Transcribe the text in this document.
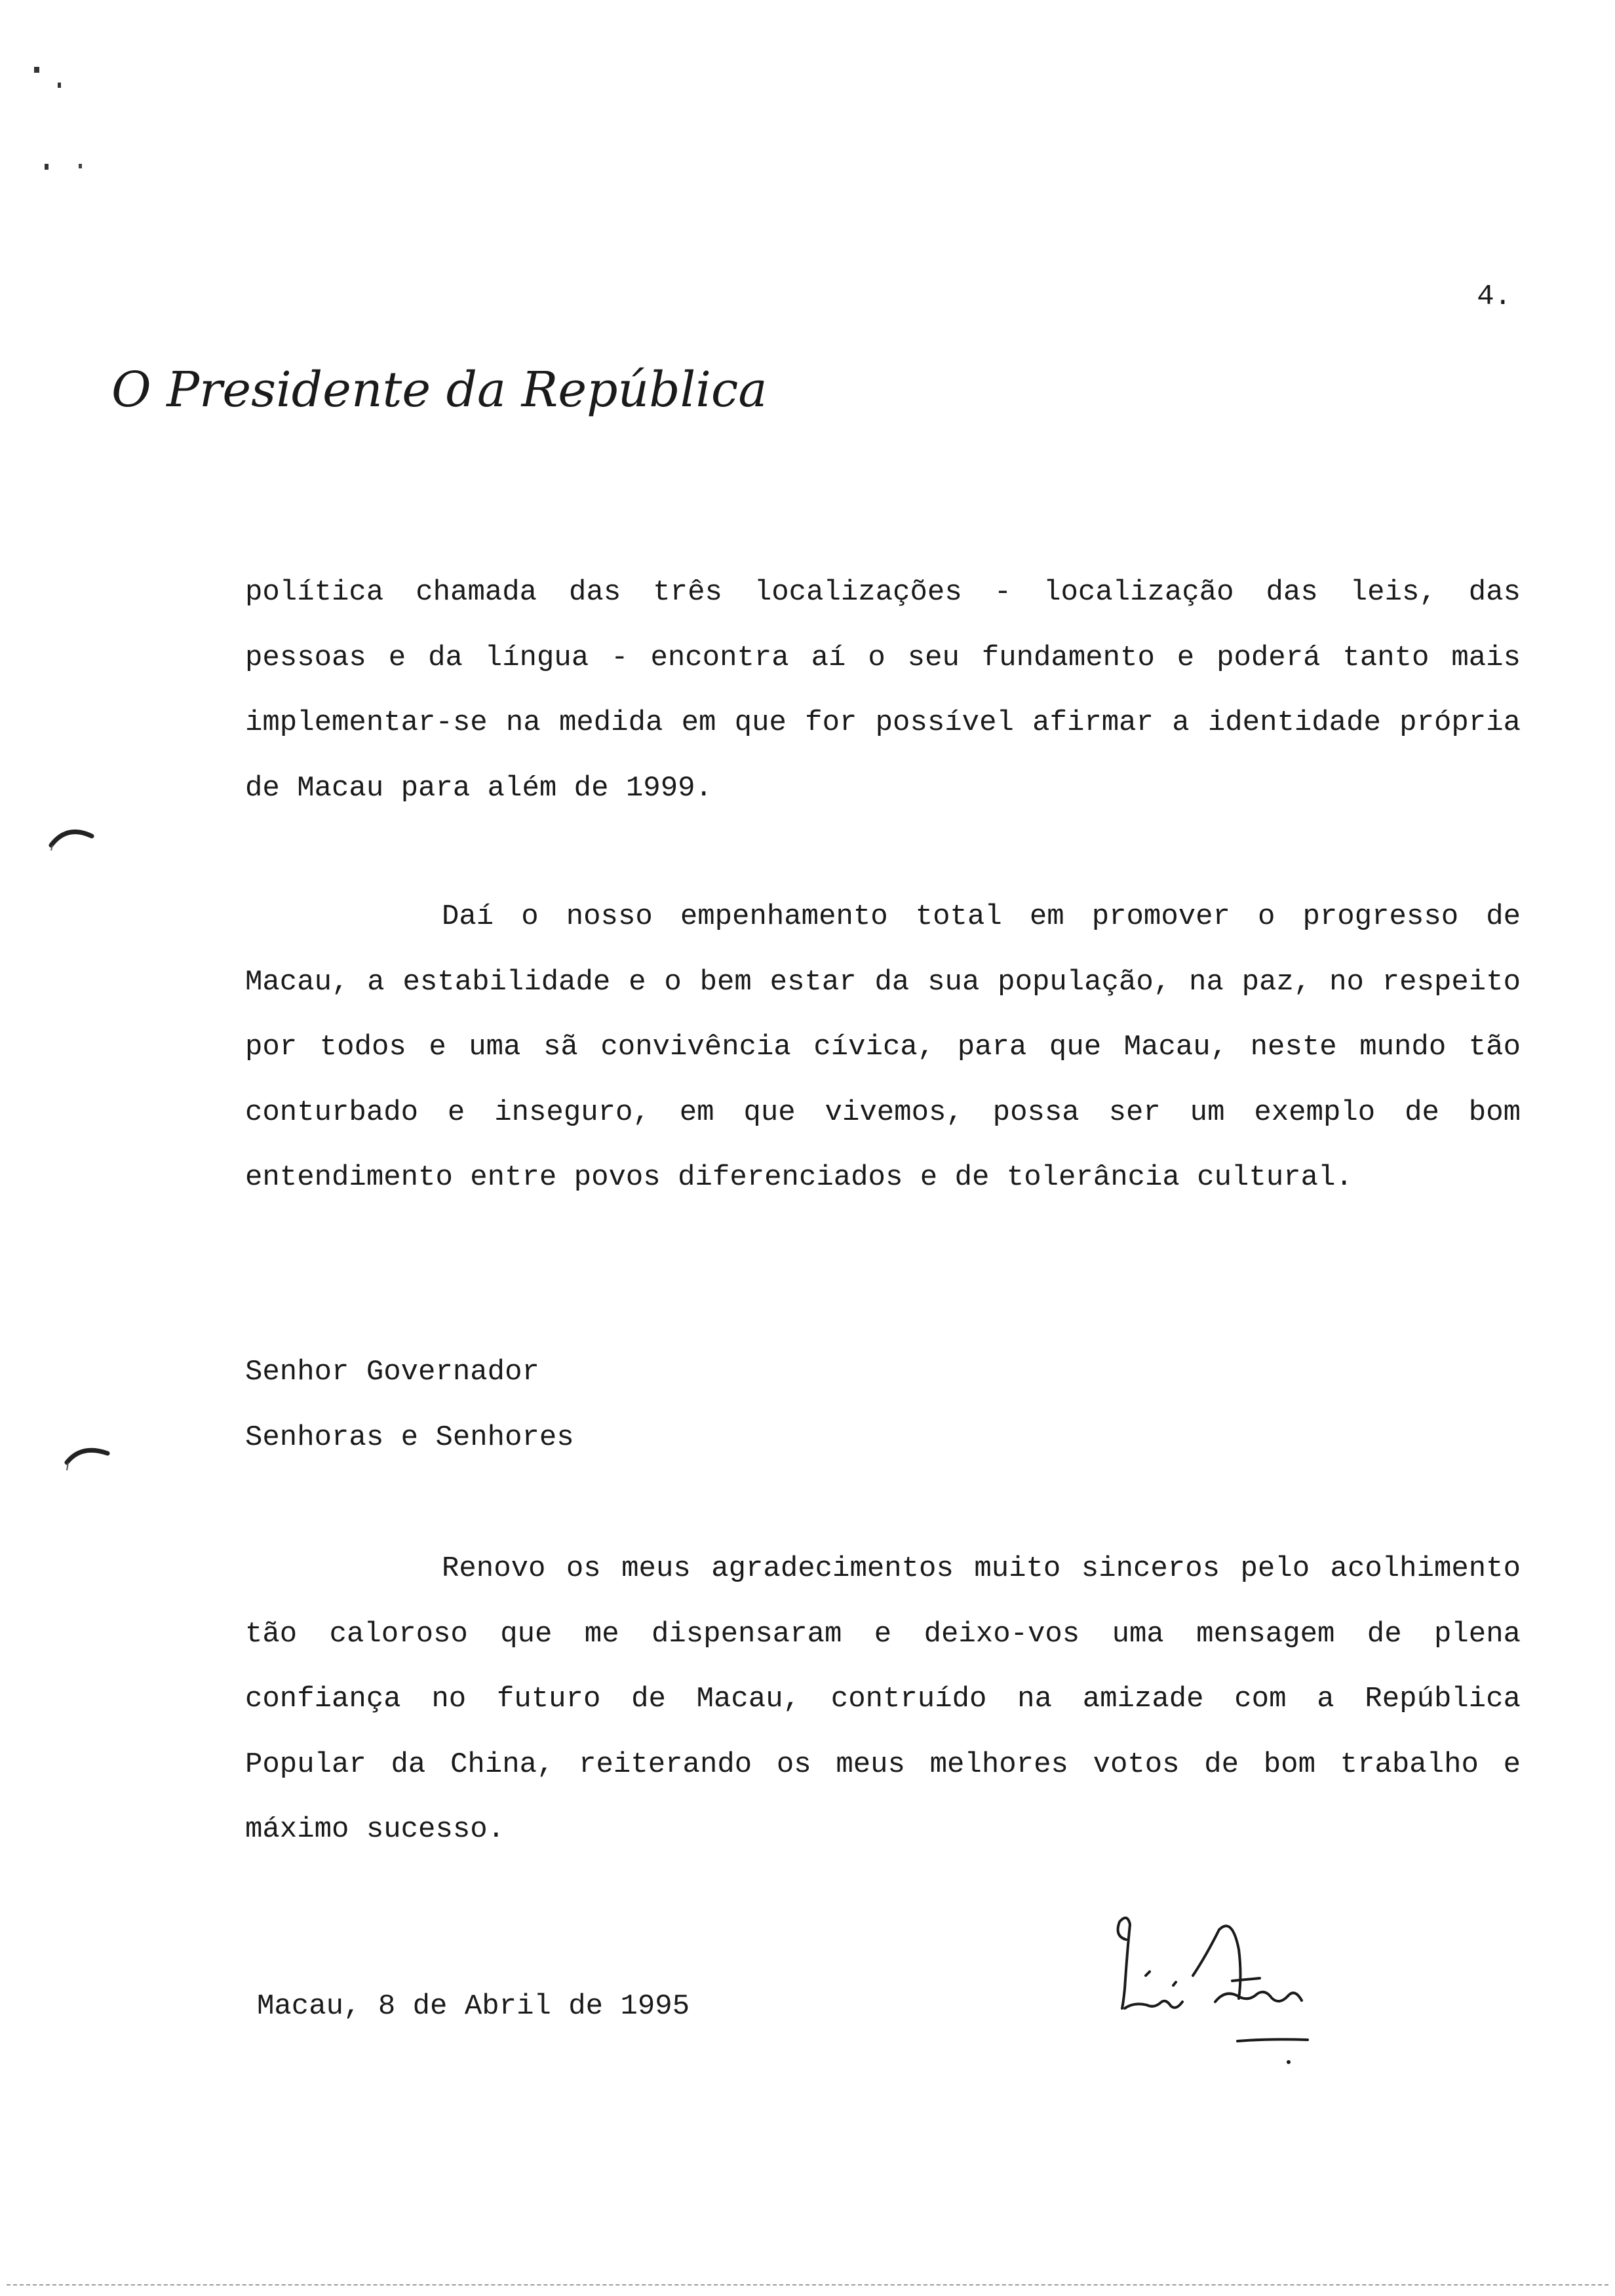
4.
O Presidente da República

política chamada das três localizações - localização das leis, das pessoas e da língua - encontra aí o seu fundamento e poderá tanto mais implementar-se na medida em que for possível afirmar a identidade própria de Macau para além de 1999.

Daí o nosso empenhamento total em promover o progresso de Macau, a estabilidade e o bem estar da sua população, na paz, no respeito por todos e uma sã convivência cívica, para que Macau, neste mundo tão conturbado e inseguro, em que vivemos, possa ser um exemplo de bom entendimento entre povos diferenciados e de tolerância cultural.

Senhor Governador
Senhoras e Senhores

Renovo os meus agradecimentos muito sinceros pelo acolhimento tão caloroso que me dispensaram e deixo-vos uma mensagem de plena confiança no futuro de Macau, contruído na amizade com a República Popular da China, reiterando os meus melhores votos de bom trabalho e máximo sucesso.

Macau, 8 de Abril de 1995
